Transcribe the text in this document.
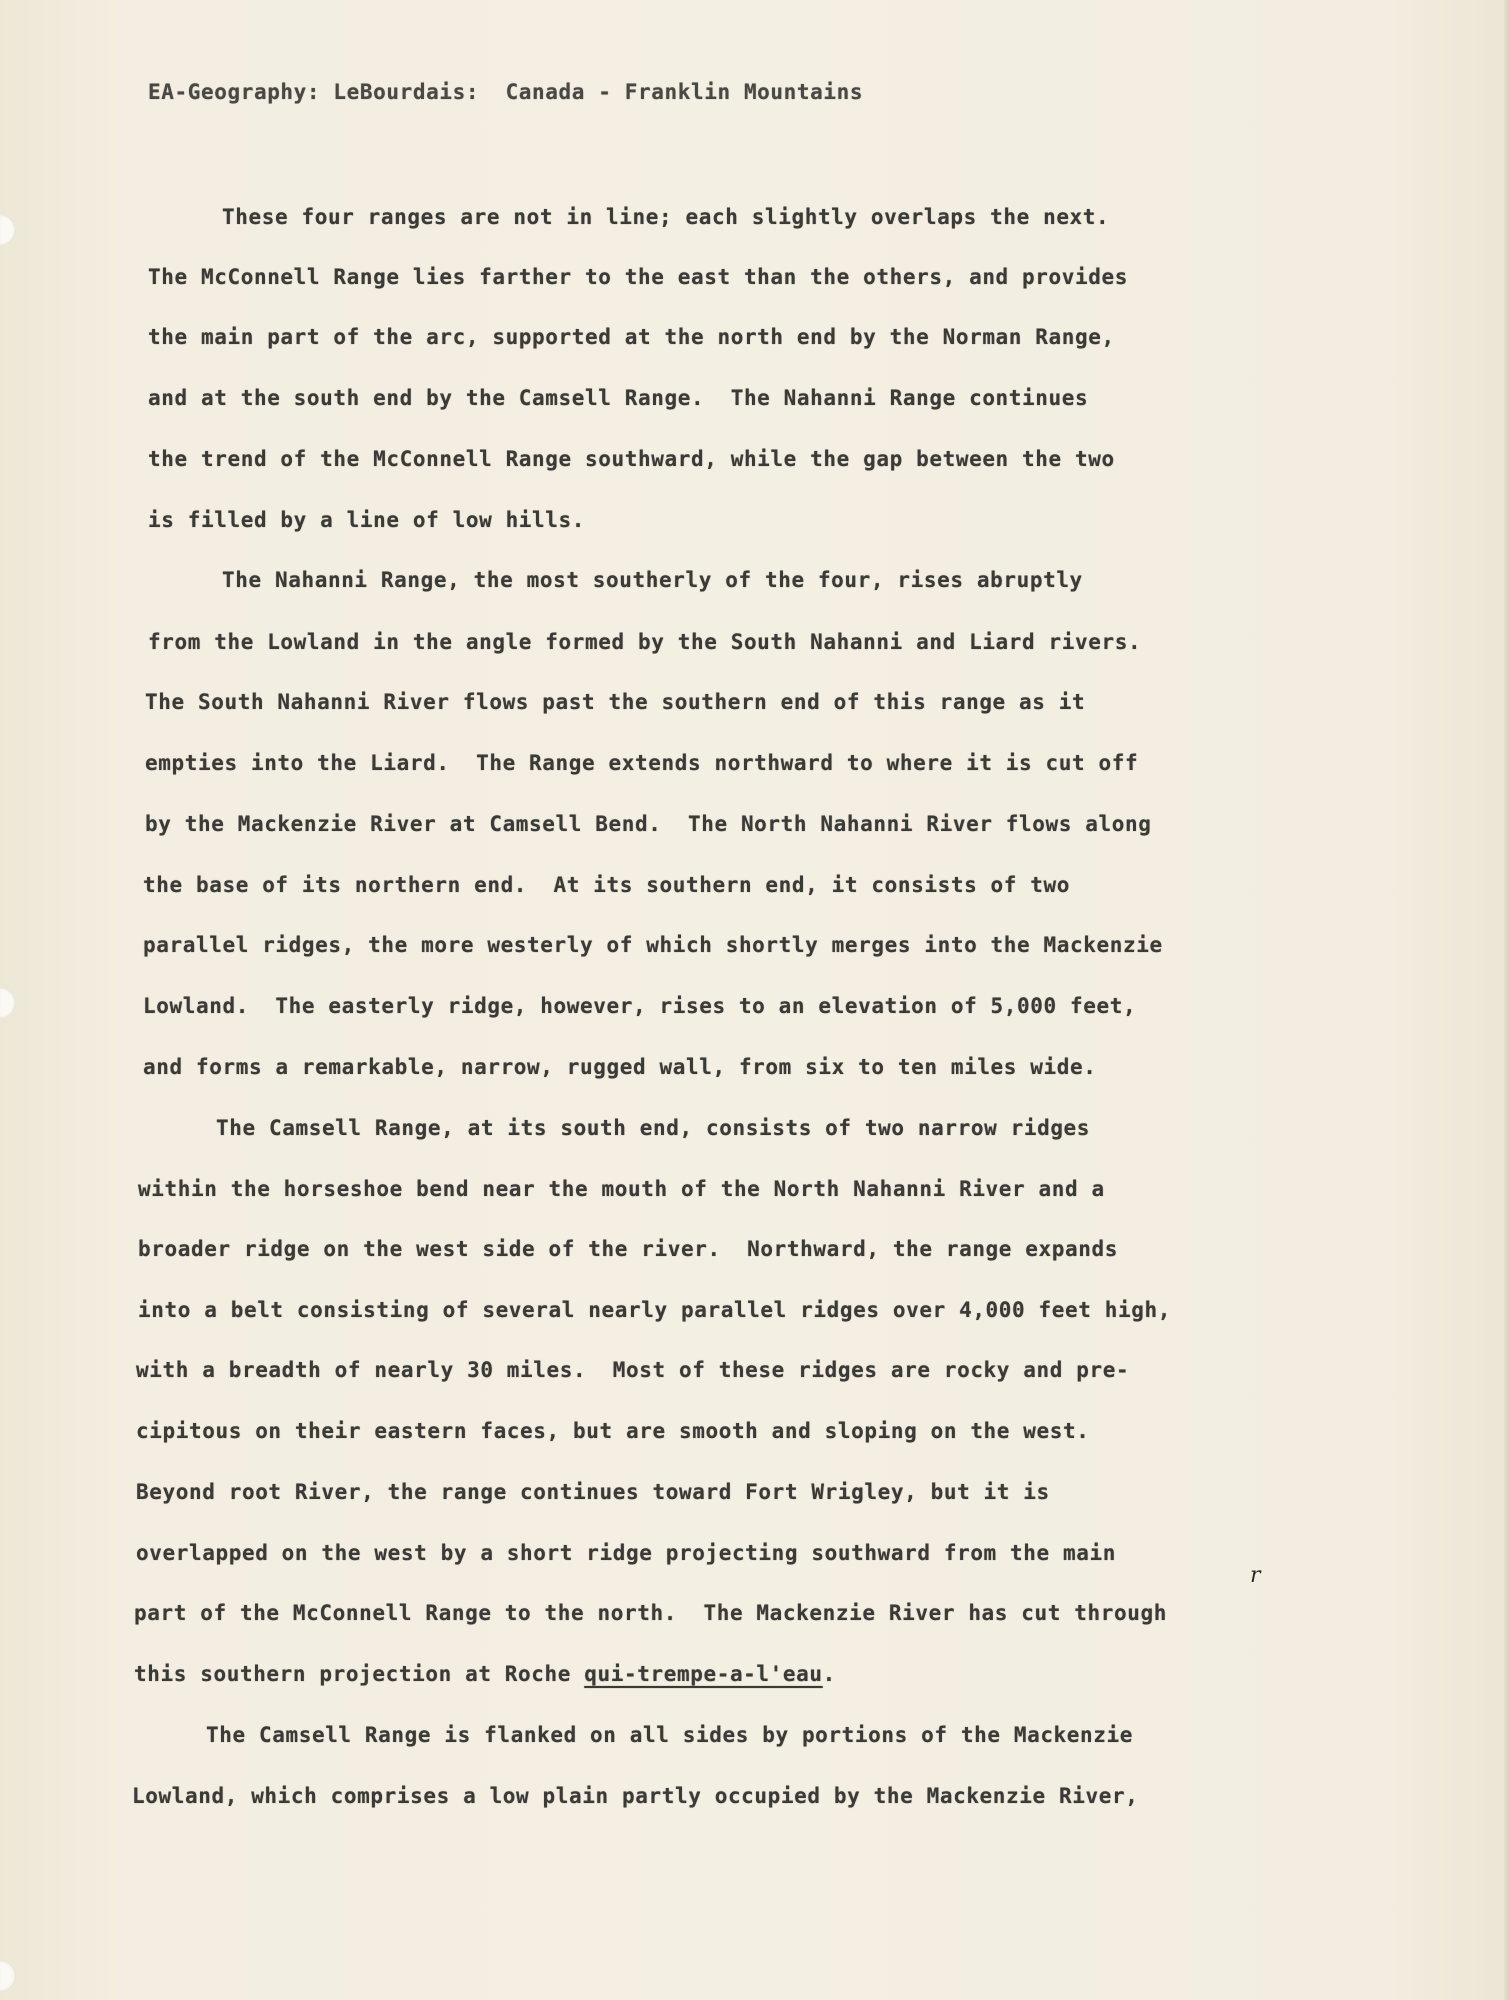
EA-Geography: LeBourdais:  Canada - Franklin Mountains
These four ranges are not in line; each slightly overlaps the next.
The McConnell Range lies farther to the east than the others, and provides
the main part of the arc, supported at the north end by the Norman Range,
and at the south end by the Camsell Range.  The Nahanni Range continues
the trend of the McConnell Range southward, while the gap between the two
is filled by a line of low hills.
The Nahanni Range, the most southerly of the four, rises abruptly
from the Lowland in the angle formed by the South Nahanni and Liard rivers.
The South Nahanni River flows past the southern end of this range as it
empties into the Liard.  The Range extends northward to where it is cut off
by the Mackenzie River at Camsell Bend.  The North Nahanni River flows along
the base of its northern end.  At its southern end, it consists of two
parallel ridges, the more westerly of which shortly merges into the Mackenzie
Lowland.  The easterly ridge, however, rises to an elevation of 5,000 feet,
and forms a remarkable, narrow, rugged wall, from six to ten miles wide.
The Camsell Range, at its south end, consists of two narrow ridges
within the horseshoe bend near the mouth of the North Nahanni River and a
broader ridge on the west side of the river.  Northward, the range expands
into a belt consisting of several nearly parallel ridges over 4,000 feet high,
with a breadth of nearly 30 miles.  Most of these ridges are rocky and pre-
cipitous on their eastern faces, but are smooth and sloping on the west.
Beyond root River, the range continues toward Fort Wrigley, but it is
overlapped on the west by a short ridge projecting southward from the main
part of the McConnell Range to the north.  The Mackenzie River has cut through
this southern projection at Roche qui-trempe-a-l'eau.
The Camsell Range is flanked on all sides by portions of the Mackenzie
Lowland, which comprises a low plain partly occupied by the Mackenzie River,
r
